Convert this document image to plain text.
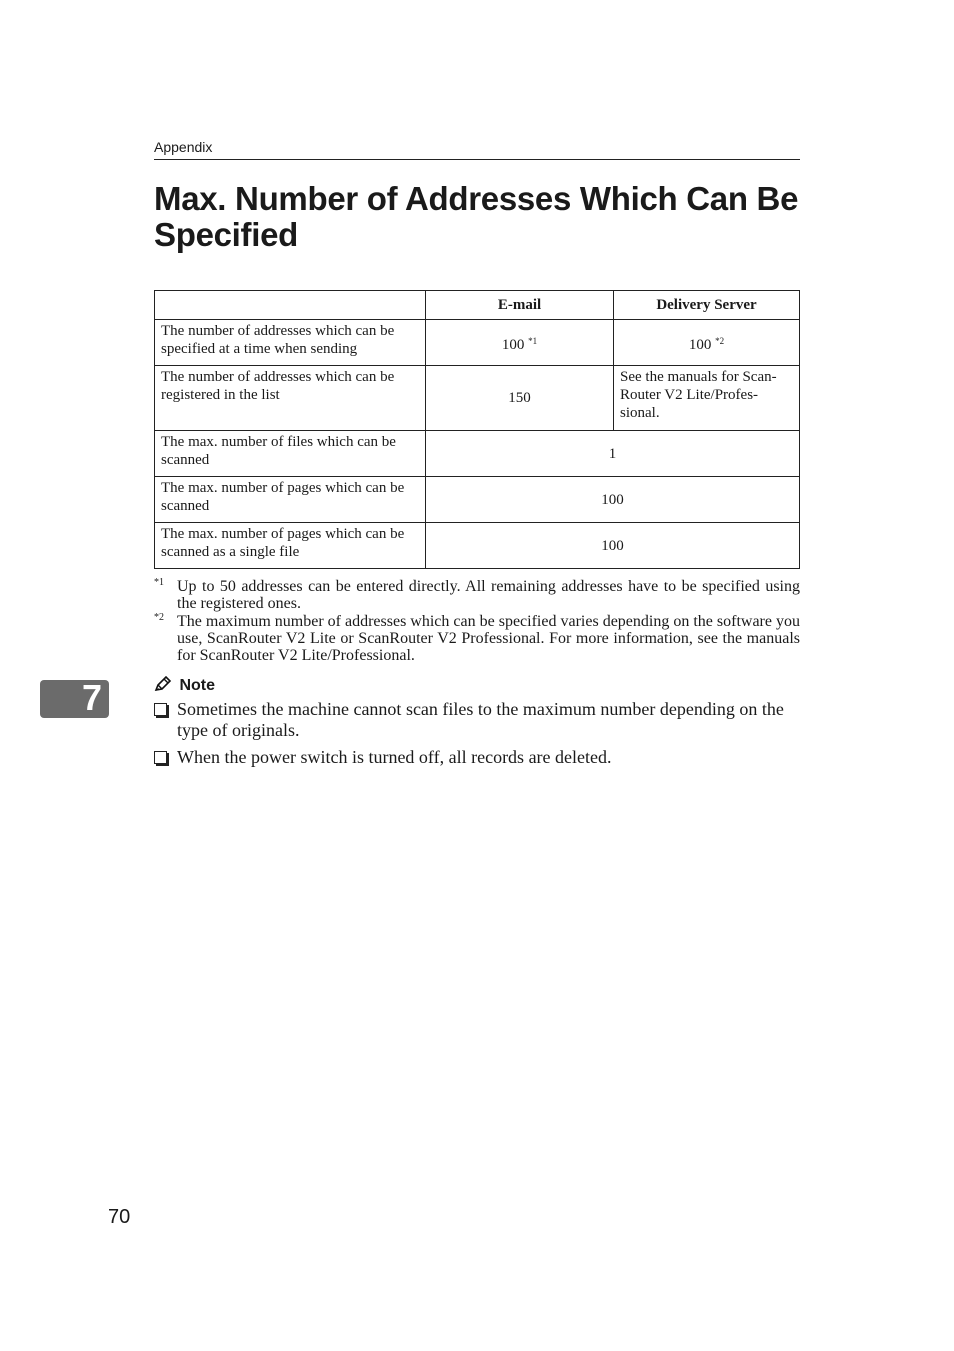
Appendix
Max. Number of Addresses Which Can Be Specified
	E-mail	Delivery Server
The number of addresses which can be specified at a time when sending	100 $^{*1}$	100 $^{*2}$
The number of addresses which can be registered in the list	150	See the manuals for Scan-Router V2 Lite/Profes-sional.
The max. number of files which can be scanned	1	
The max. number of pages which can be scanned	100	
The max. number of pages which can be scanned as a single file	100	
*1 Up to 50 addresses can be entered directly. All remaining addresses have to be specified using the registered ones.
*2 The maximum number of addresses which can be specified varies depending on the software you use, ScanRouter V2 Lite or ScanRouter V2 Professional. For more information, see the manuals for ScanRouter V2 Lite/Professional.
7	Note
Sometimes the machine cannot scan files to the maximum number depending on the type of originals.
When the power switch is turned off, all records are deleted.
70
